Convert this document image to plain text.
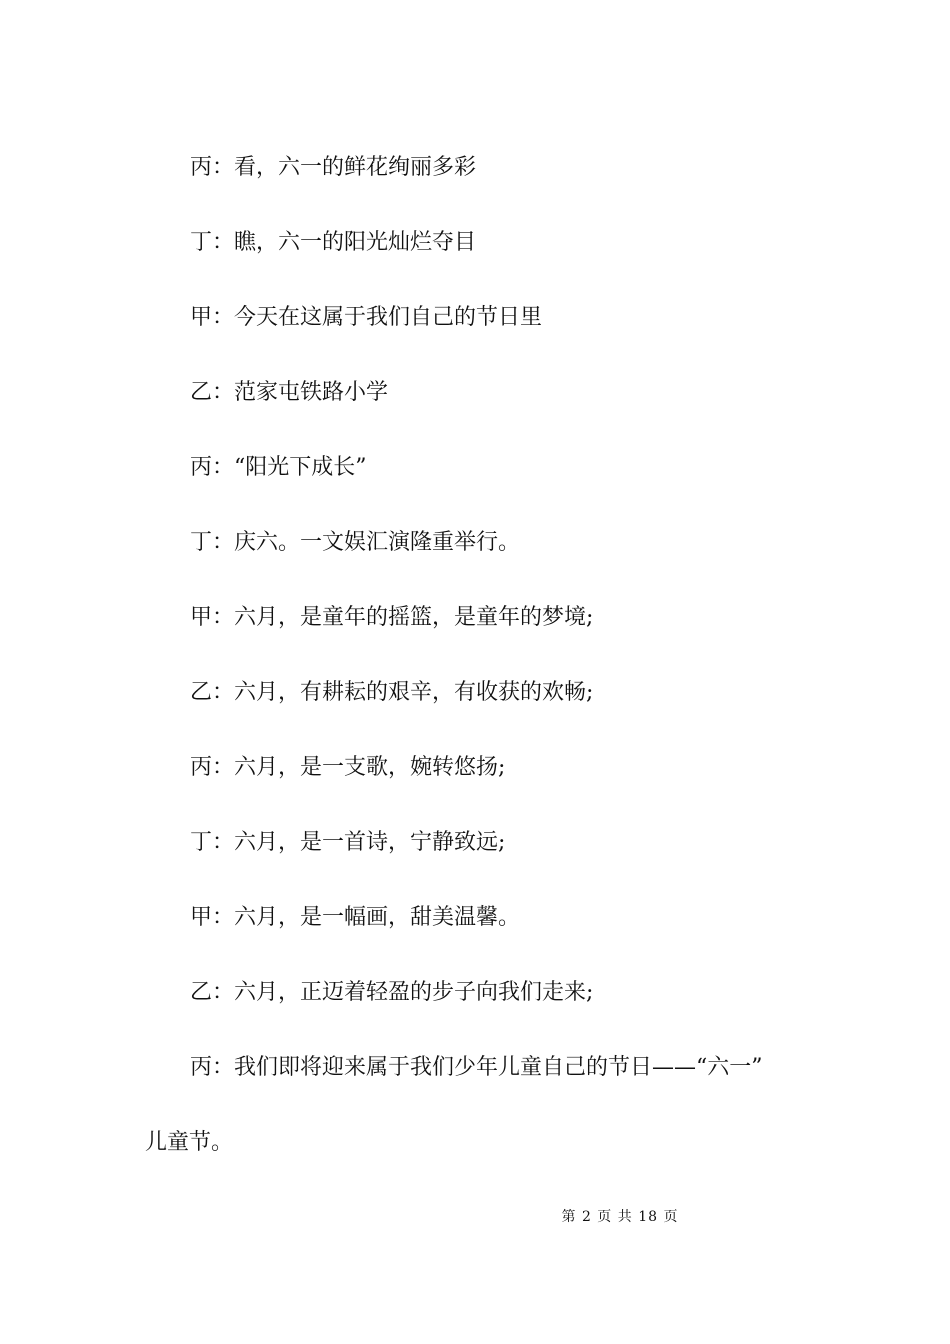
丙：看，六一的鲜花绚丽多彩

丁：瞧，六一的阳光灿烂夺目

甲：今天在这属于我们自己的节日里

乙：范家屯铁路小学

丙：“阳光下成长”

丁：庆六。一文娱汇演隆重举行。

甲：六月，是童年的摇篮，是童年的梦境;

乙：六月，有耕耘的艰辛，有收获的欢畅;

丙：六月，是一支歌，婉转悠扬;

丁：六月，是一首诗，宁静致远;

甲：六月，是一幅画，甜美温馨。

乙：六月，正迈着轻盈的步子向我们走来;

丙：我们即将迎来属于我们少年儿童自己的节日——“六一”
儿童节。

第 2 页 共 18 页
